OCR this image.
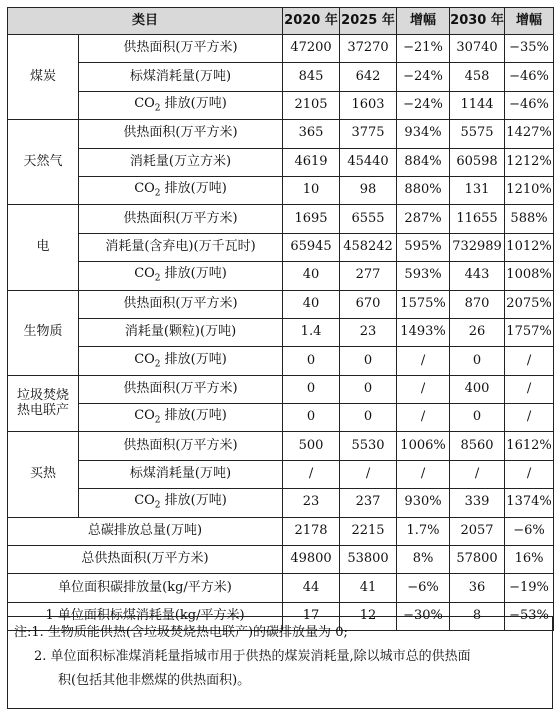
类目		2020 年	2025 年	增幅	2030 年	增幅

煤炭	供热面积(万平方米)	47200	37270	−21%	30740	−35%
	标煤消耗量(万吨)	845	642	−24%	458	−46%
	$CO_2$ 排放(万吨)	2105	1603	−24%	1144	−46%

天然气	供热面积(万平方米)	365	3775	934%	5575	1427%
	消耗量(万立方米)	4619	45440	884%	60598	1212%
	$CO_2$ 排放(万吨)	10	98	880%	131	1210%

电	供热面积(万平方米)	1695	6555	287%	11655	588%
	消耗量(含弃电)(万千瓦时)	65945	458242	595%	732989	1012%
	$CO_2$ 排放(万吨)	40	277	593%	443	1008%

生物质	供热面积(万平方米)	40	670	1575%	870	2075%
	消耗量(颗粒)(万吨)	1.4	23	1493%	26	1757%
	$CO_2$ 排放(万吨)	0	0	/	0	/

垃圾焚烧
热电联产	供热面积(万平方米)	0	0	/	400	/
	$CO_2$ 排放(万吨)	0	0	/	0	/

买热	供热面积(万平方米)	500	5530	1006%	8560	1612%
	标煤消耗量(万吨)	/	/	/	/	/
	$CO_2$ 排放(万吨)	23	237	930%	339	1374%
总碳排放总量(万吨)		2178	2215	1.7%	2057	−6%
总供热面积(万平方米)		49800	53800	8%	57800	16%
单位面积碳排放量(kg/平方米)		44	41	−6%	36	−19%
1 单位面积标煤消耗量(kg/平方米)		17	12	−30%	8	−53%
注:1. 生物质能供热(含垃圾焚烧热电联产)的碳排放量为 0;
2. 单位面积标准煤消耗量指城市用于供热的煤炭消耗量,除以城市总的供热面
积(包括其他非燃煤的供热面积)。
